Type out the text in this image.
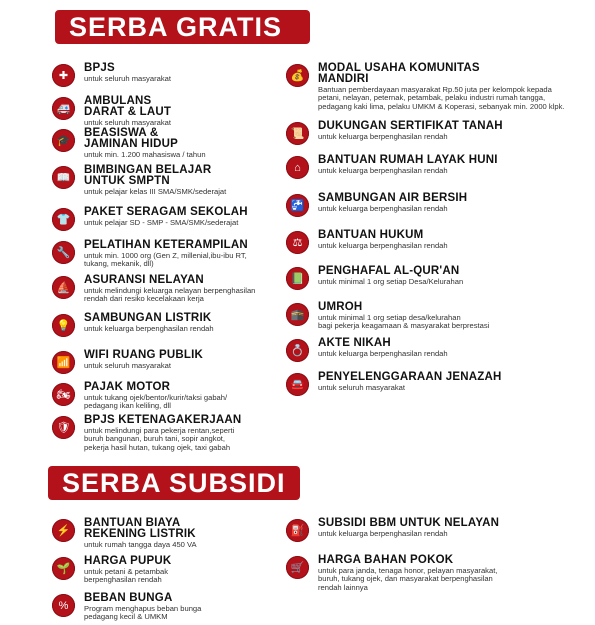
SERBA GRATIS
SERBA SUBSIDI
✚
BPJS
untuk seluruh masyarakat
🚑
AMBULANS
DARAT & LAUT
untuk seluruh masyarakat
🎓
BEASISWA &
JAMINAN HIDUP
untuk min. 1.200 mahasiswa / tahun
📖
BIMBINGAN BELAJAR
UNTUK SMPTN
untuk pelajar kelas III SMA/SMK/sederajat
👕
PAKET SERAGAM SEKOLAH
untuk pelajar SD - SMP - SMA/SMK/sederajat
🔧
PELATIHAN KETERAMPILAN
untuk min. 1000 org (Gen Z, millenial,ibu-ibu RT,
tukang, mekanik, dll)
⛵
ASURANSI NELAYAN
untuk melindungi keluarga nelayan berpenghasilan
rendah dari resiko kecelakaan kerja
💡
SAMBUNGAN LISTRIK
untuk keluarga berpenghasilan rendah
📶
WIFI RUANG PUBLIK
untuk seluruh masyarakat
🏍
PAJAK MOTOR
untuk tukang ojek/bentor/kurir/taksi gabah/
pedagang ikan keliling, dll
🛡
BPJS KETENAGAKERJAAN
untuk melindungi para pekerja rentan,seperti
buruh bangunan, buruh tani, sopir angkot,
pekerja hasil hutan, tukang ojek, taxi gabah
💰
MODAL USAHA KOMUNITAS
MANDIRI
Bantuan pemberdayaan masyarakat Rp.50 juta per kelompok kepada
petani, nelayan, peternak, petambak, pelaku industri rumah tangga,
pedagang kaki lima, pelaku UMKM & Koperasi, sebanyak min. 2000 klpk.
📜
DUKUNGAN SERTIFIKAT TANAH
untuk keluarga berpenghasilan rendah
⌂
BANTUAN RUMAH LAYAK HUNI
untuk keluarga berpenghasilan rendah
🚰
SAMBUNGAN AIR BERSIH
untuk keluarga berpenghasilan rendah
⚖
BANTUAN HUKUM
untuk keluarga berpenghasilan rendah
📗
PENGHAFAL AL-QUR'AN
untuk minimal 1 org setiap Desa/Kelurahan
🕋
UMROH
untuk minimal 1 org setiap desa/kelurahan
bagi pekerja keagamaan & masyarakat berprestasi
💍
AKTE NIKAH
untuk keluarga berpenghasilan rendah
🚘
PENYELENGGARAAN JENAZAH
untuk seluruh masyarakat
⚡
BANTUAN BIAYA
REKENING LISTRIK
untuk rumah tangga daya 450 VA
🌱
HARGA PUPUK
untuk petani & petambak
berpenghasilan rendah
%
BEBAN BUNGA
Program menghapus beban bunga
pedagang kecil & UMKM
⛽
SUBSIDI BBM UNTUK NELAYAN
untuk keluarga berpenghasilan rendah
🛒
HARGA BAHAN POKOK
untuk para janda, tenaga honor, pelayan masyarakat,
buruh, tukang ojek, dan masyarakat berpenghasilan
rendah lainnya
